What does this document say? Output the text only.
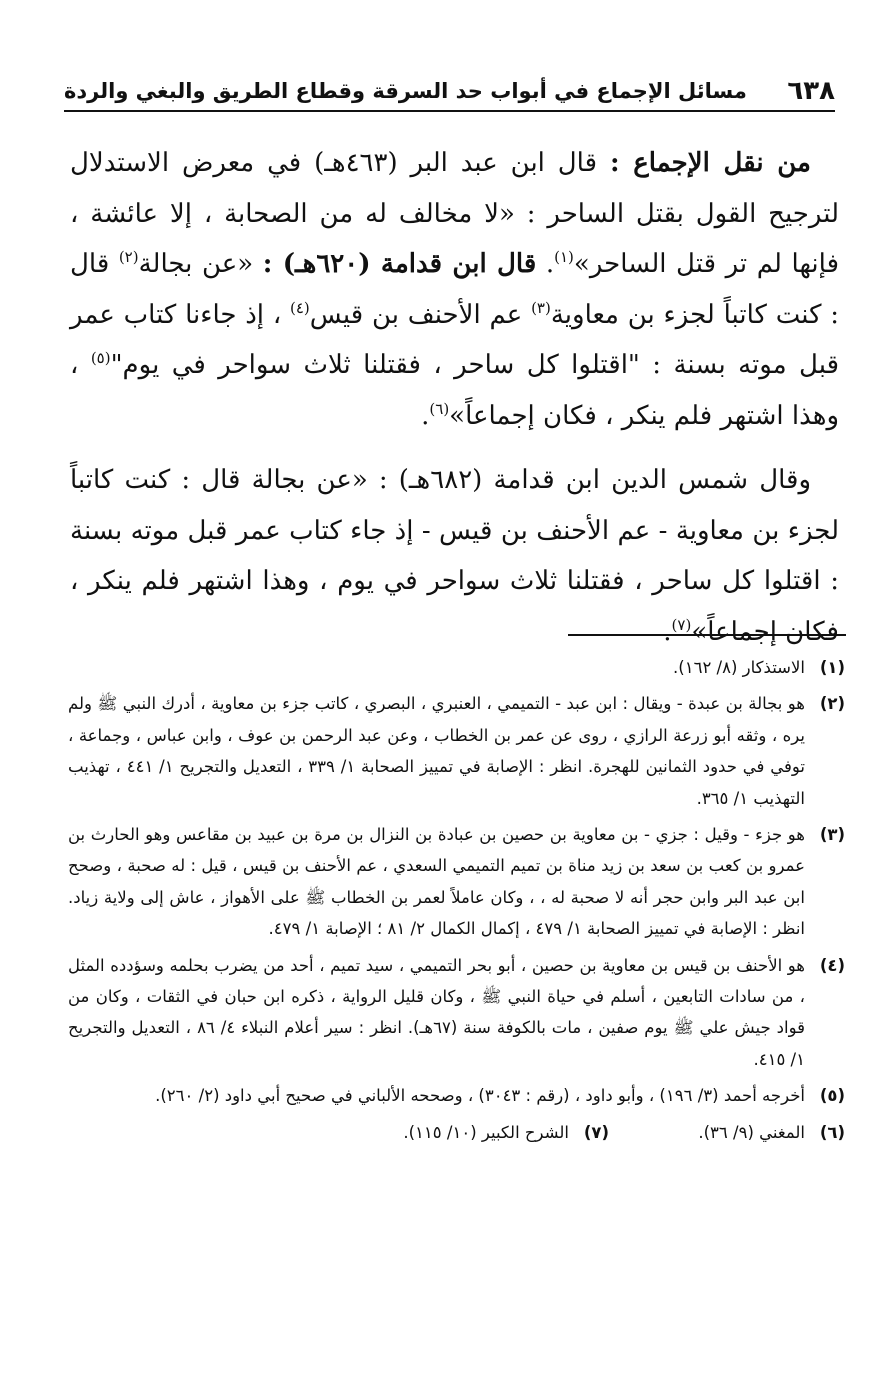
٦٣٨
مسائل الإجماع في أبواب حد السرقة وقطاع الطريق والبغي والردة

من نقل الإجماع : قال ابن عبد البر (٤٦٣هـ) في معرض الاستدلال لترجيح القول بقتل الساحر : «لا مخالف له من الصحابة ، إلا عائشة ، فإنها لم تر قتل الساحر»$^{(١)}$. قال ابن قدامة (٦٢٠هـ) : «عن بجالة$^{(٢)}$ قال : كنت كاتباً لجزء بن معاوية$^{(٣)}$ عم الأحنف بن قيس$^{(٤)}$ ، إذ جاءنا كتاب عمر قبل موته بسنة : "اقتلوا كل ساحر ، فقتلنا ثلاث سواحر في يوم"$^{(٥)}$ ، وهذا اشتهر فلم ينكر ، فكان إجماعاً»$^{(٦)}$.

وقال شمس الدين ابن قدامة (٦٨٢هـ) : «عن بجالة قال : كنت كاتباً لجزء بن معاوية - عم الأحنف بن قيس - إذ جاء كتاب عمر قبل موته بسنة : اقتلوا كل ساحر ، فقتلنا ثلاث سواحر في يوم ، وهذا اشتهر فلم ينكر ، فكان إجماعاً»$^{(٧)}$.

(١)
الاستذكار (٨/ ١٦٢).
(٢)
هو بجالة بن عبدة - ويقال : ابن عبد - التميمي ، العنبري ، البصري ، كاتب جزء بن معاوية ، أدرك النبي ﷺ ولم يره ، وثقه أبو زرعة الرازي ، روى عن عمر بن الخطاب ، وعن عبد الرحمن بن عوف ، وابن عباس ، وجماعة ، توفي في حدود الثمانين للهجرة. انظر : الإصابة في تمييز الصحابة ١/ ٣٣٩ ، التعديل والتجريح ١/ ٤٤١ ، تهذيب التهذيب ١/ ٣٦٥.
(٣)
هو جزء - وقيل : جزي - بن معاوية بن حصين بن عبادة بن النزال بن مرة بن عبيد بن مقاعس وهو الحارث بن عمرو بن كعب بن سعد بن زيد مناة بن تميم التميمي السعدي ، عم الأحنف بن قيس ، قيل : له صحبة ، وصحح ابن عبد البر وابن حجر أنه لا صحبة له ، ، وكان عاملاً لعمر بن الخطاب ﷺ على الأهواز ، عاش إلى ولاية زياد. انظر : الإصابة في تمييز الصحابة ١/ ٤٧٩ ، إكمال الكمال ٢/ ٨١ ؛ الإصابة ١/ ٤٧٩.
(٤)
هو الأحنف بن قيس بن معاوية بن حصين ، أبو بحر التميمي ، سيد تميم ، أحد من يضرب بحلمه وسؤدده المثل ، من سادات التابعين ، أسلم في حياة النبي ﷺ ، وكان قليل الرواية ، ذكره ابن حبان في الثقات ، وكان من قواد جيش علي ﷺ يوم صفين ، مات بالكوفة سنة (٦٧هـ). انظر : سير أعلام النبلاء ٤/ ٨٦ ، التعديل والتجريح ١/ ٤١٥.
(٥)
أخرجه أحمد (٣/ ١٩٦) ، وأبو داود ، (رقم : ٣٠٤٣) ، وصححه الألباني في صحيح أبي داود (٢/ ٢٦٠).
(٦)
المغني (٩/ ٣٦).
(٧)
الشرح الكبير (١٠/ ١١٥).
